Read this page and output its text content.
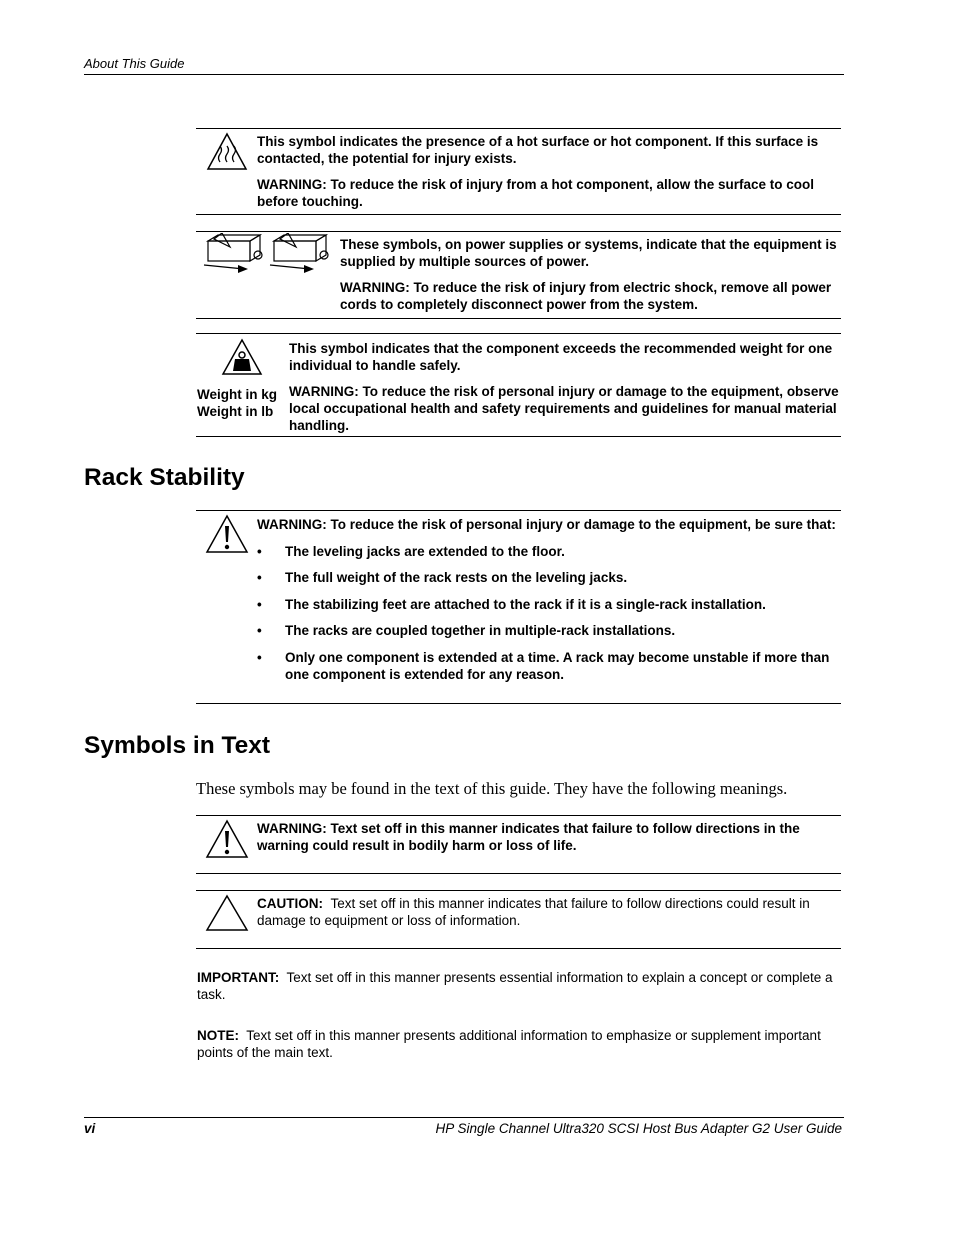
About This Guide

This symbol indicates the presence of a hot surface or hot component. If this surface is contacted, the potential for injury exists.

WARNING: To reduce the risk of injury from a hot component, allow the surface to cool before touching.

These symbols, on power supplies or systems, indicate that the equipment is supplied by multiple sources of power.

WARNING: To reduce the risk of injury from electric shock, remove all power cords to completely disconnect power from the system.

Weight in kg

Weight in lb

This symbol indicates that the component exceeds the recommended weight for one individual to handle safely.

WARNING: To reduce the risk of personal injury or damage to the equipment, observe local occupational health and safety requirements and guidelines for manual material handling.

Rack Stability

WARNING: To reduce the risk of personal injury or damage to the equipment, be sure that:

• The leveling jacks are extended to the floor.
• The full weight of the rack rests on the leveling jacks.
• The stabilizing feet are attached to the rack if it is a single-rack installation.
• The racks are coupled together in multiple-rack installations.
• Only one component is extended at a time. A rack may become unstable if more than one component is extended for any reason.
Symbols in Text
These symbols may be found in the text of this guide. They have the following meanings.
WARNING: Text set off in this manner indicates that failure to follow directions in the warning could result in bodily harm or loss of life.
CAUTION: Text set off in this manner indicates that failure to follow directions could result in damage to equipment or loss of information.
IMPORTANT: Text set off in this manner presents essential information to explain a concept or complete a task.
NOTE: Text set off in this manner presents additional information to emphasize or supplement important points of the main text.
vi	HP Single Channel Ultra320 SCSI Host Bus Adapter G2 User Guide
